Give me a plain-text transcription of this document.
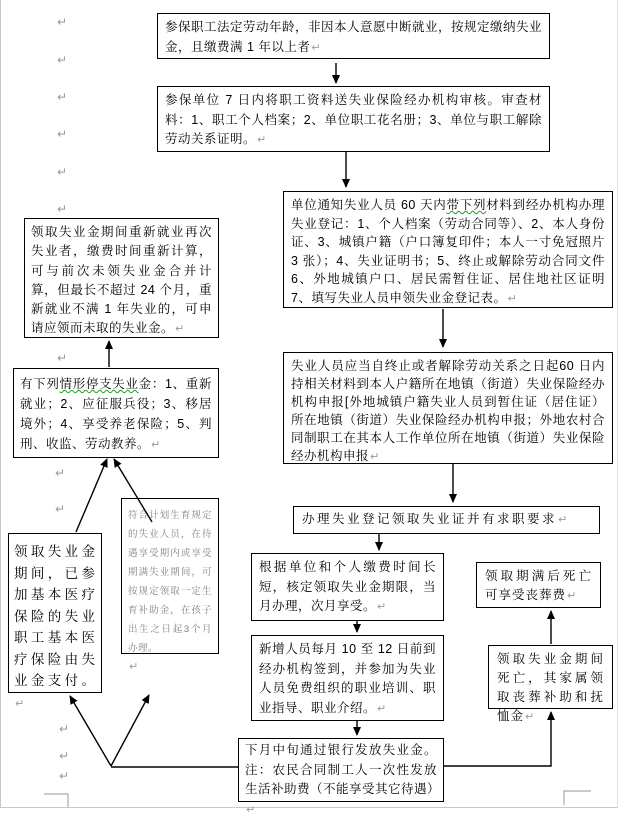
↵
↵
↵
↵
↵
↵
↵
↵
↵
↵
↵
↵
参保职工法定劳动年龄，非因本人意愿中断就业，按规定缴纳失业金，且缴费满 1 年以上者↵
参保单位 7 日内将职工资料送失业保险经办机构审核。审查材料：1、职工个人档案；2、单位职工花名册；3、单位与职工解除劳动关系证明。↵
单位通知失业人员 60 天内带下列材料到经办机构办理失业登记：1、个人档案（劳动合同等）、2、本人身份证、3、城镇户籍（户口簿复印件；本人一寸免冠照片 3 张）；4、失业证明书；5、终止或解除劳动合同文件 6、外地城镇户口、居民需暂住证、居住地社区证明 7、填写失业人员申领失业金登记表。↵
失业人员应当自终止或者解除劳动关系之日起60 日内持相关材料到本人户籍所在地镇（街道）失业保险经办机构申报[外地城镇户籍失业人员到暂住证（居住证）所在地镇（街道）失业保险经办机构申报；外地农村合同制职工在其本人工作单位所在地镇（街道）失业保险经办机构申报↵
办理失业登记领取失业证并有求职要求↵
根据单位和个人缴费时间长短，核定领取失业金期限，当月办理，次月享受。↵
新增人员每月 10 至 12 日前到经办机构签到，并参加为失业人员免费组织的职业培训、职业指导、职业介绍。↵
下月中旬通过银行发放失业金。注：农民合同制工人一次性发放生活补助费（不能享受其它待遇）↵
领取期满后死亡可享受丧葬费↵
领取失业金期间死亡，其家属领取丧葬补助和抚恤金↵
领取失业金期间重新就业再次失业者，缴费时间重新计算，可与前次未领失业金合并计算，但最长不超过 24 个月，重新就业不满 1 年失业的，可申请应领而未取的失业金。↵
有下列情形停支失业金：1、重新就业；2、应征服兵役；3、移居境外；4、享受养老保险；5、判刑、收监、劳动教养。↵
领取失业金期间，已参加基本医疗保险的失业职工基本医疗保险由失业金支付。↵
符合计划生育规定的失业人员，在待遇享受期内或享受期满失业期间，可按规定领取一定生育补助金，在孩子出生之日起3个月办理。
↵
